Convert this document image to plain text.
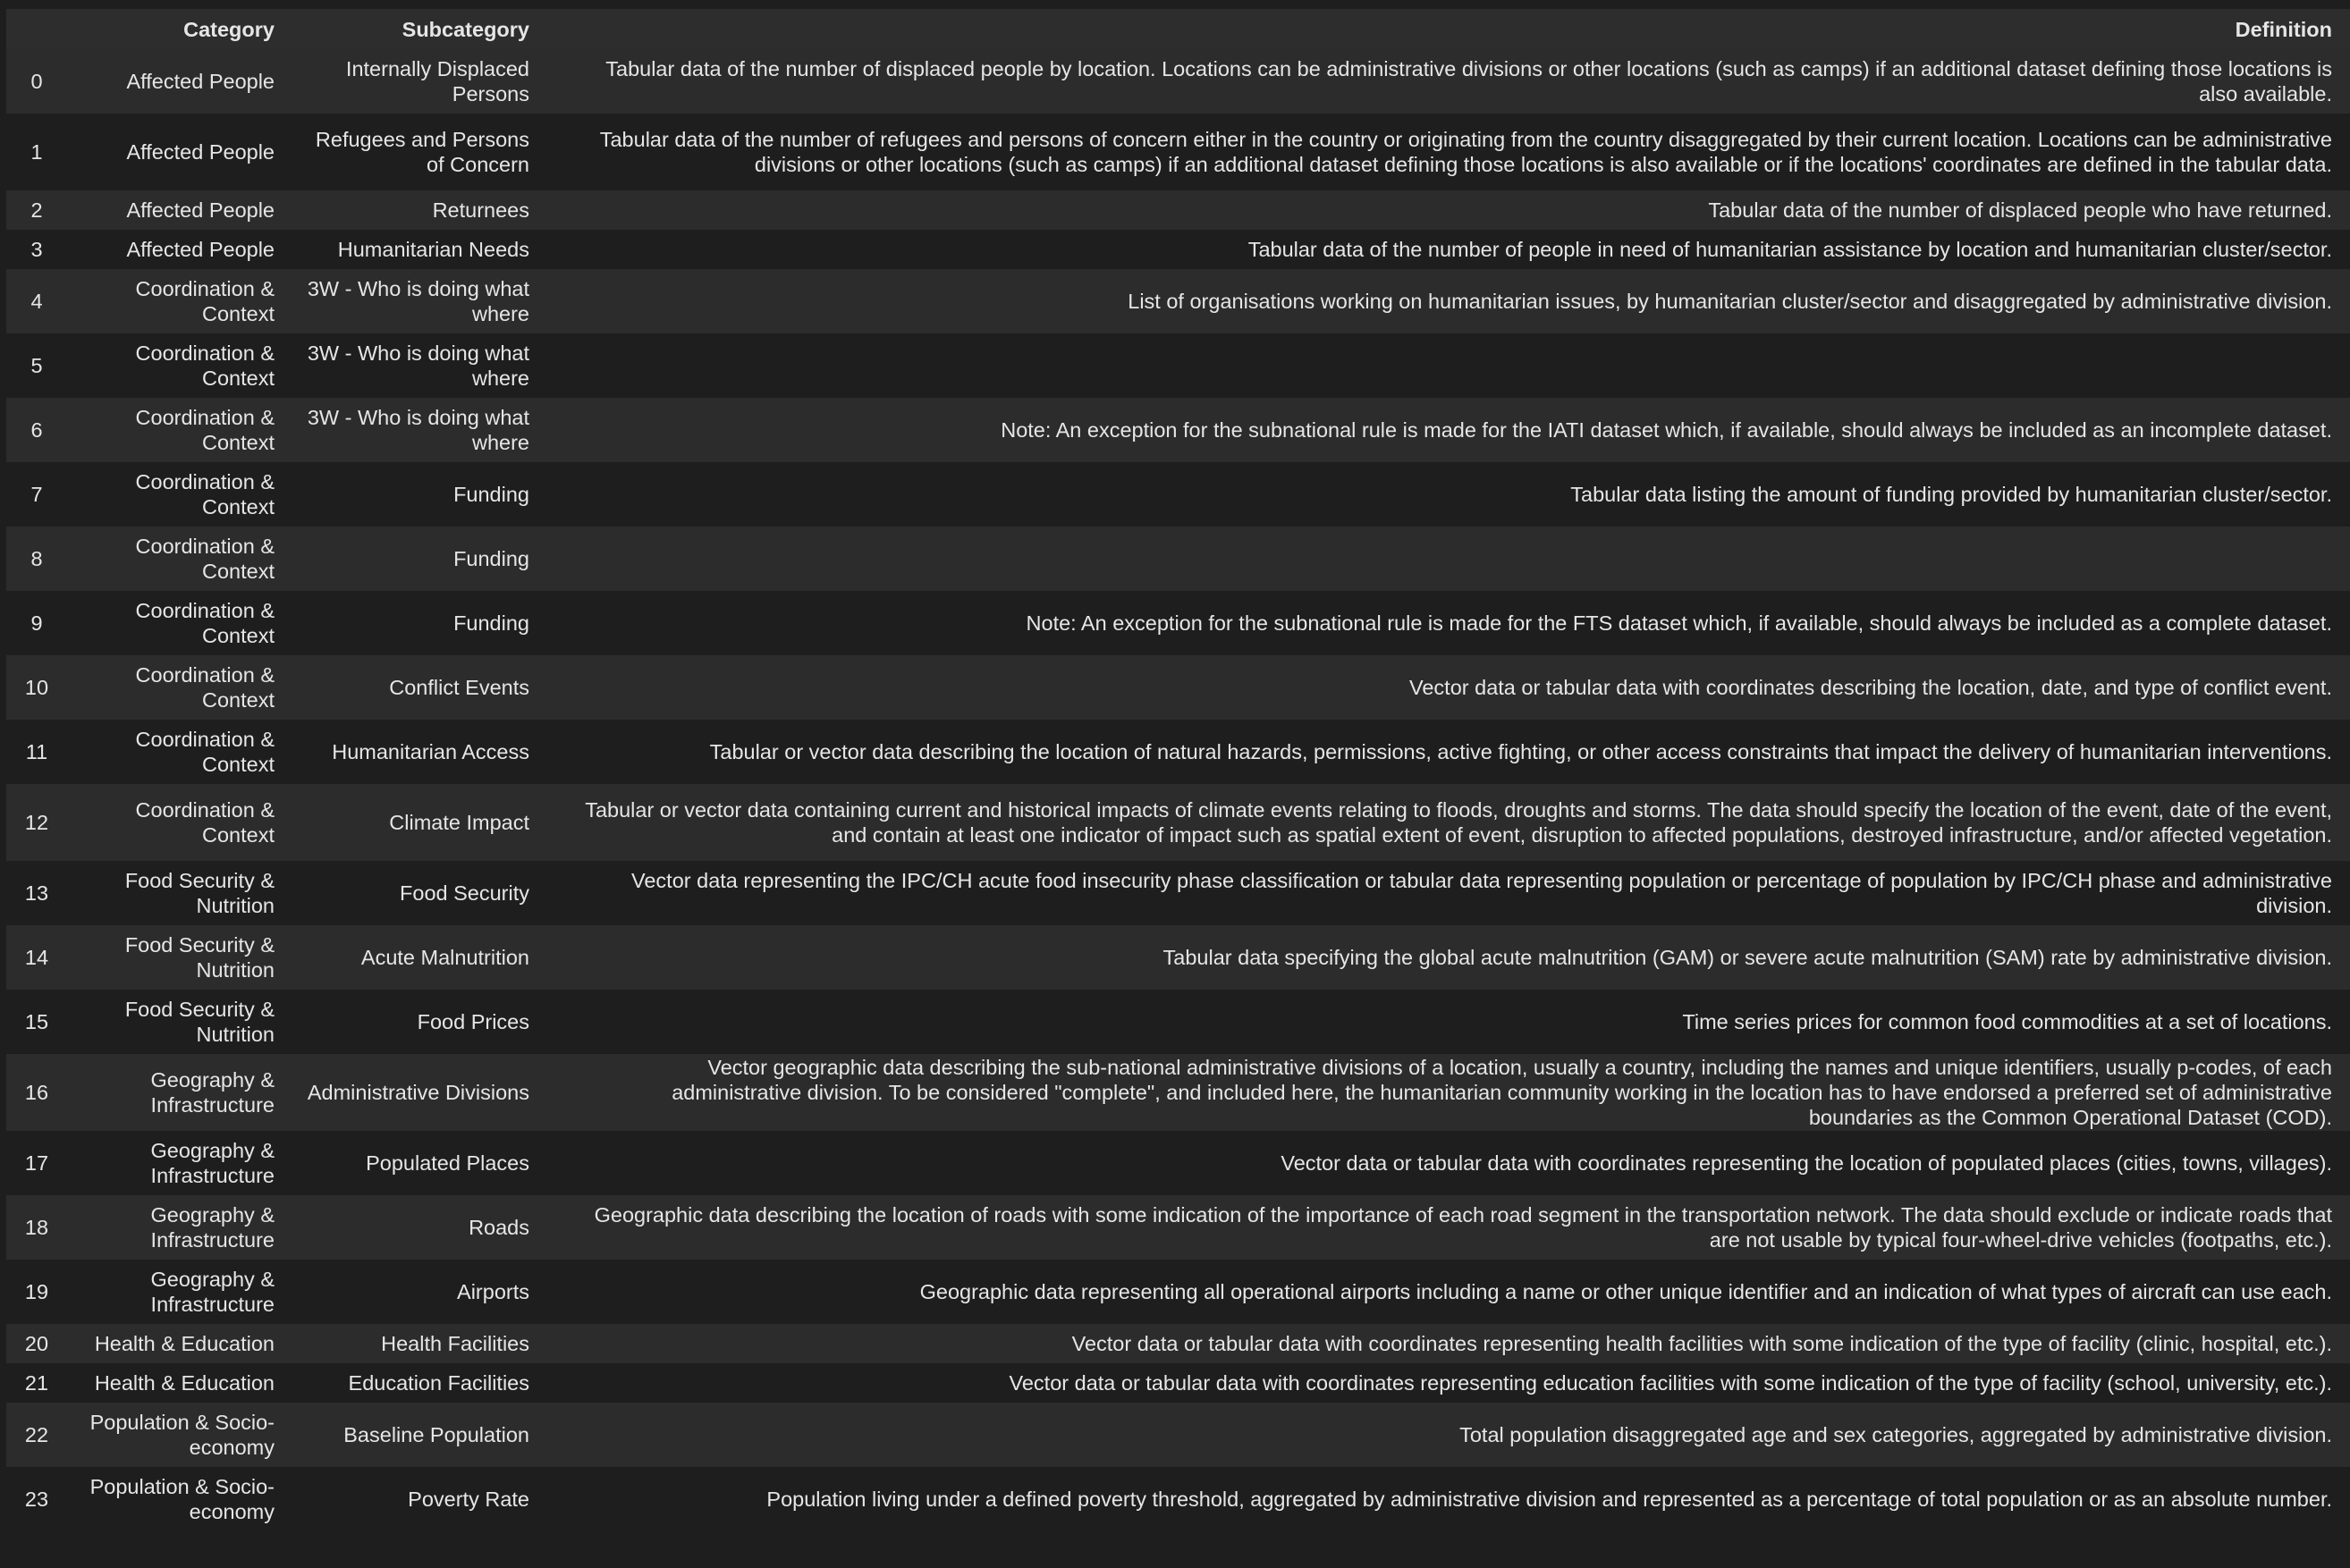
	Category	Subcategory	Definition
0	Affected People	Internally Displaced Persons	Tabular data of the number of displaced people by location. Locations can be administrative divisions or other locations (such as camps) if an additional dataset defining those locations is also available.
1	Affected People	Refugees and Persons of Concern	Tabular data of the number of refugees and persons of concern either in the country or originating from the country disaggregated by their current location. Locations can be administrative divisions or other locations (such as camps) if an additional dataset defining those locations is also available or if the locations' coordinates are defined in the tabular data.
2	Affected People	Returnees	Tabular data of the number of displaced people who have returned.
3	Affected People	Humanitarian Needs	Tabular data of the number of people in need of humanitarian assistance by location and humanitarian cluster/sector.
4	Coordination & Context	3W - Who is doing what where	List of organisations working on humanitarian issues, by humanitarian cluster/sector and disaggregated by administrative division.
5	Coordination & Context	3W - Who is doing what where	
6	Coordination & Context	3W - Who is doing what where	Note: An exception for the subnational rule is made for the IATI dataset which, if available, should always be included as an incomplete dataset.
7	Coordination & Context	Funding	Tabular data listing the amount of funding provided by humanitarian cluster/sector.
8	Coordination & Context	Funding	
9	Coordination & Context	Funding	Note: An exception for the subnational rule is made for the FTS dataset which, if available, should always be included as a complete dataset.
10	Coordination & Context	Conflict Events	Vector data or tabular data with coordinates describing the location, date, and type of conflict event.
11	Coordination & Context	Humanitarian Access	Tabular or vector data describing the location of natural hazards, permissions, active fighting, or other access constraints that impact the delivery of humanitarian interventions.
12	Coordination & Context	Climate Impact	Tabular or vector data containing current and historical impacts of climate events relating to floods, droughts and storms. The data should specify the location of the event, date of the event, and contain at least one indicator of impact such as spatial extent of event, disruption to affected populations, destroyed infrastructure, and/or affected vegetation.
13	Food Security & Nutrition	Food Security	Vector data representing the IPC/CH acute food insecurity phase classification or tabular data representing population or percentage of population by IPC/CH phase and administrative division.
14	Food Security & Nutrition	Acute Malnutrition	Tabular data specifying the global acute malnutrition (GAM) or severe acute malnutrition (SAM) rate by administrative division.
15	Food Security & Nutrition	Food Prices	Time series prices for common food commodities at a set of locations.
16	Geography & Infrastructure	Administrative Divisions	Vector geographic data describing the sub-national administrative divisions of a location, usually a country, including the names and unique identifiers, usually p-codes, of each administrative division. To be considered "complete", and included here, the humanitarian community working in the location has to have endorsed a preferred set of administrative boundaries as the Common Operational Dataset (COD).
17	Geography & Infrastructure	Populated Places	Vector data or tabular data with coordinates representing the location of populated places (cities, towns, villages).
18	Geography & Infrastructure	Roads	Geographic data describing the location of roads with some indication of the importance of each road segment in the transportation network. The data should exclude or indicate roads that are not usable by typical four-wheel-drive vehicles (footpaths, etc.).
19	Geography & Infrastructure	Airports	Geographic data representing all operational airports including a name or other unique identifier and an indication of what types of aircraft can use each.
20	Health & Education	Health Facilities	Vector data or tabular data with coordinates representing health facilities with some indication of the type of facility (clinic, hospital, etc.).
21	Health & Education	Education Facilities	Vector data or tabular data with coordinates representing education facilities with some indication of the type of facility (school, university, etc.).
22	Population & Socio-economy	Baseline Population	Total population disaggregated age and sex categories, aggregated by administrative division.
23	Population & Socio-economy	Poverty Rate	Population living under a defined poverty threshold, aggregated by administrative division and represented as a percentage of total population or as an absolute number.
